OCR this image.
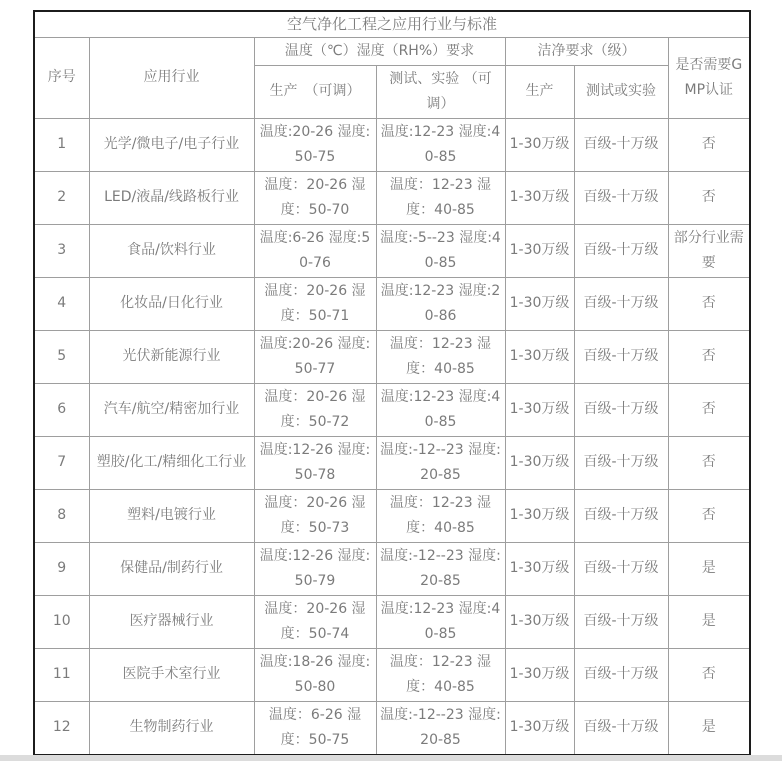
空气净化工程之应用行业与标准						
序号	应用行业	温度（℃）湿度（RH%）要求		洁净要求（级）		是否需要GMP认证
		生产　（可调）	测试、实验 （可调）	生产	测试或实验	
1	光学/微电子/电子行业	温度:20-26 湿度:50-75	温度:12-23 湿度:40-85	1-30万级	百级-十万级	否
2	LED/液晶/线路板行业	温度：20-26 湿度：50-70	温度：12-23 湿度：40-85	1-30万级	百级-十万级	否
3	食品/饮料行业	温度:6-26 湿度:50-76	温度:-5--23 湿度:40-85	1-30万级	百级-十万级	部分行业需要
4	化妆品/日化行业	温度：20-26 湿度：50-71	温度:12-23 湿度:20-86	1-30万级	百级-十万级	否
5	光伏新能源行业	温度:20-26 湿度:50-77	温度：12-23 湿度：40-85	1-30万级	百级-十万级	否
6	汽车/航空/精密加行业	温度：20-26 湿度：50-72	温度:12-23 湿度:40-85	1-30万级	百级-十万级	否
7	塑胶/化工/精细化工行业	温度:12-26 湿度:50-78	温度:-12--23 湿度:20-85	1-30万级	百级-十万级	否
8	塑料/电镀行业	温度：20-26 湿度：50-73	温度：12-23 湿度：40-85	1-30万级	百级-十万级	否
9	保健品/制药行业	温度:12-26 湿度:50-79	温度:-12--23 湿度:20-85	1-30万级	百级-十万级	是
10	医疗器械行业	温度：20-26 湿度：50-74	温度:12-23 湿度:40-85	1-30万级	百级-十万级	是
11	医院手术室行业	温度:18-26 湿度:50-80	温度：12-23 湿度：40-85	1-30万级	百级-十万级	否
12	生物制药行业	温度：6-26 湿度：50-75	温度:-12--23 湿度:20-85	1-30万级	百级-十万级	是
